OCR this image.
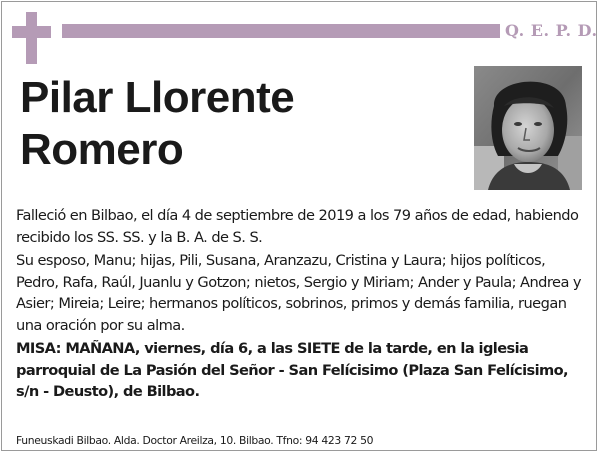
Q. E. P. D.
Pilar Llorente
Romero

Falleció en Bilbao, el día 4 de septiembre de 2019 a los 79 años de edad, habiendo recibido los SS. SS. y la B. A. de S. S.

Su esposo, Manu; hijas, Pili, Susana, Aranzazu, Cristina y Laura; hijos políticos, Pedro, Rafa, Raúl, Juanlu y Gotzon; nietos, Sergio y Miriam; Ander y Paula; Andrea y Asier; Mireia; Leire; hermanos políticos, sobrinos, primos y demás familia, ruegan una oración por su alma.

MISA: MAÑANA, viernes, día 6, a las SIETE de la tarde, en la iglesia parroquial de La Pasión del Señor - San Felícisimo (Plaza San Felícisimo, s/n - Deusto), de Bilbao.

Funeuskadi Bilbao. Alda. Doctor Areilza, 10. Bilbao. Tfno: 94 423 72 50
